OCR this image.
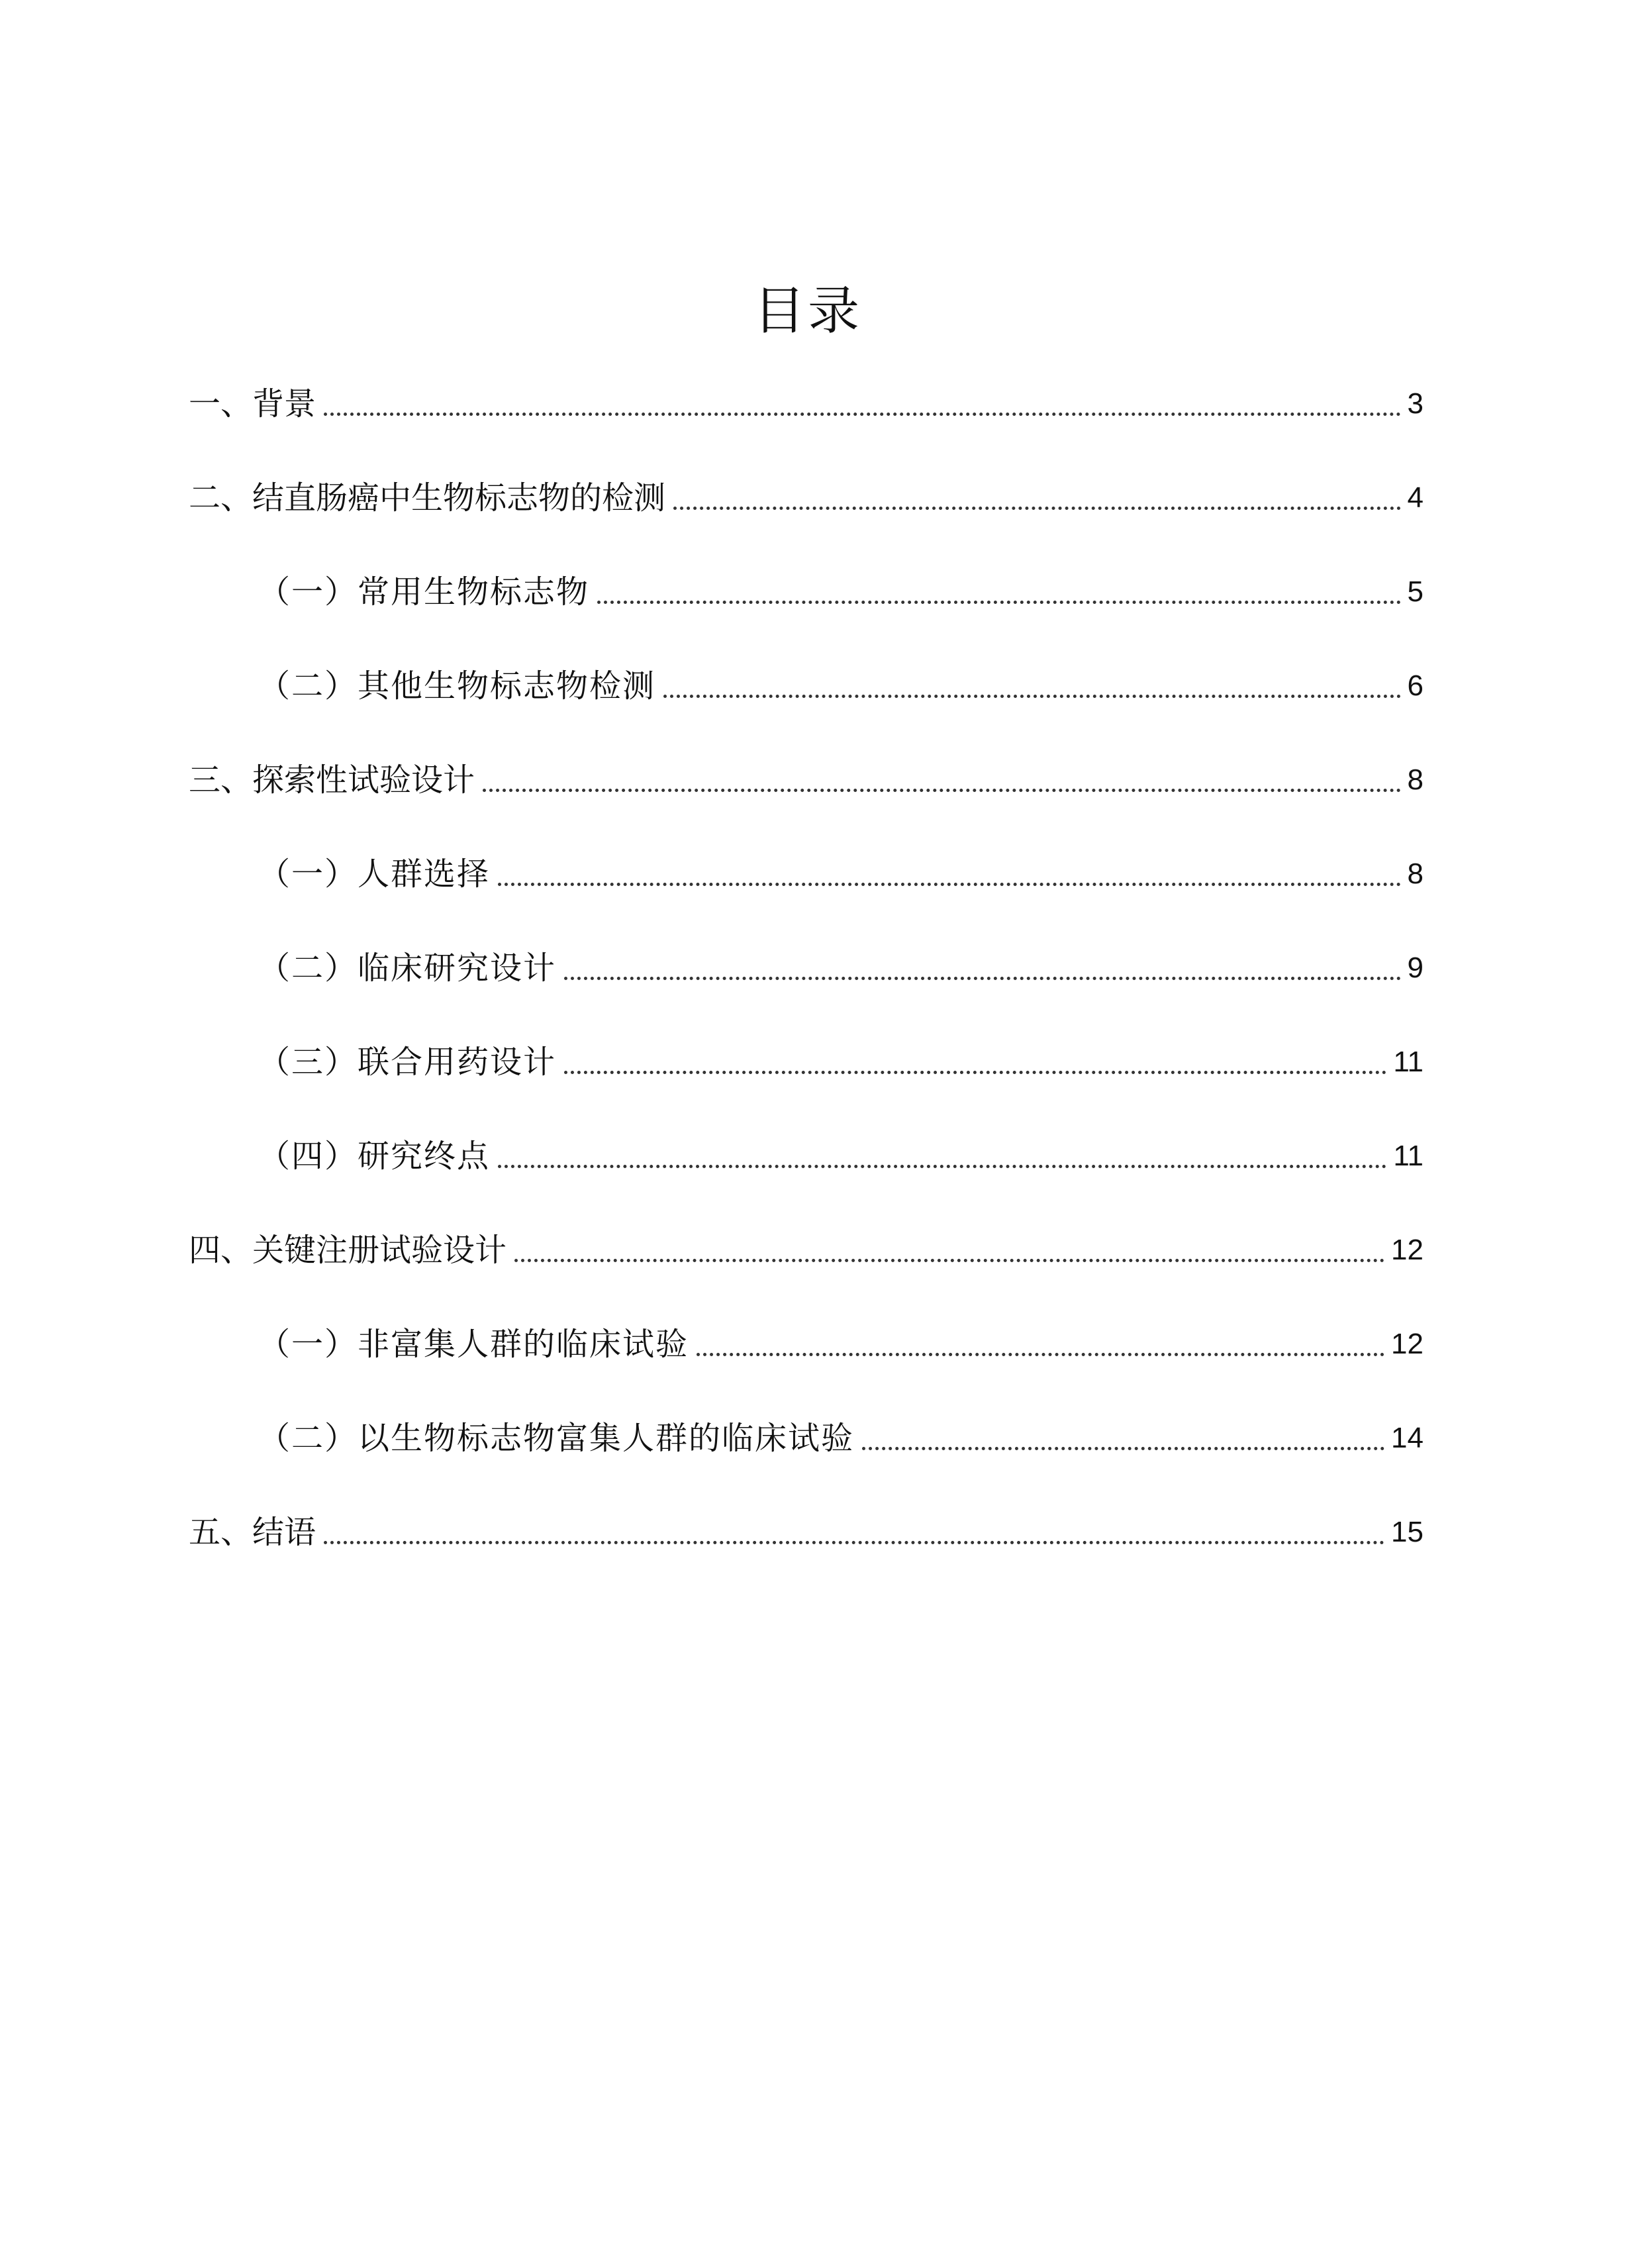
目录
一、背景	3
二、结直肠癌中生物标志物的检测	4
（一）常用生物标志物	5
（二）其他生物标志物检测	6
三、探索性试验设计	8
（一）人群选择	8
（二）临床研究设计	9
（三）联合用药设计	11
（四）研究终点	11
四、关键注册试验设计	12
（一）非富集人群的临床试验	12
（二）以生物标志物富集人群的临床试验	14
五、结语	15
